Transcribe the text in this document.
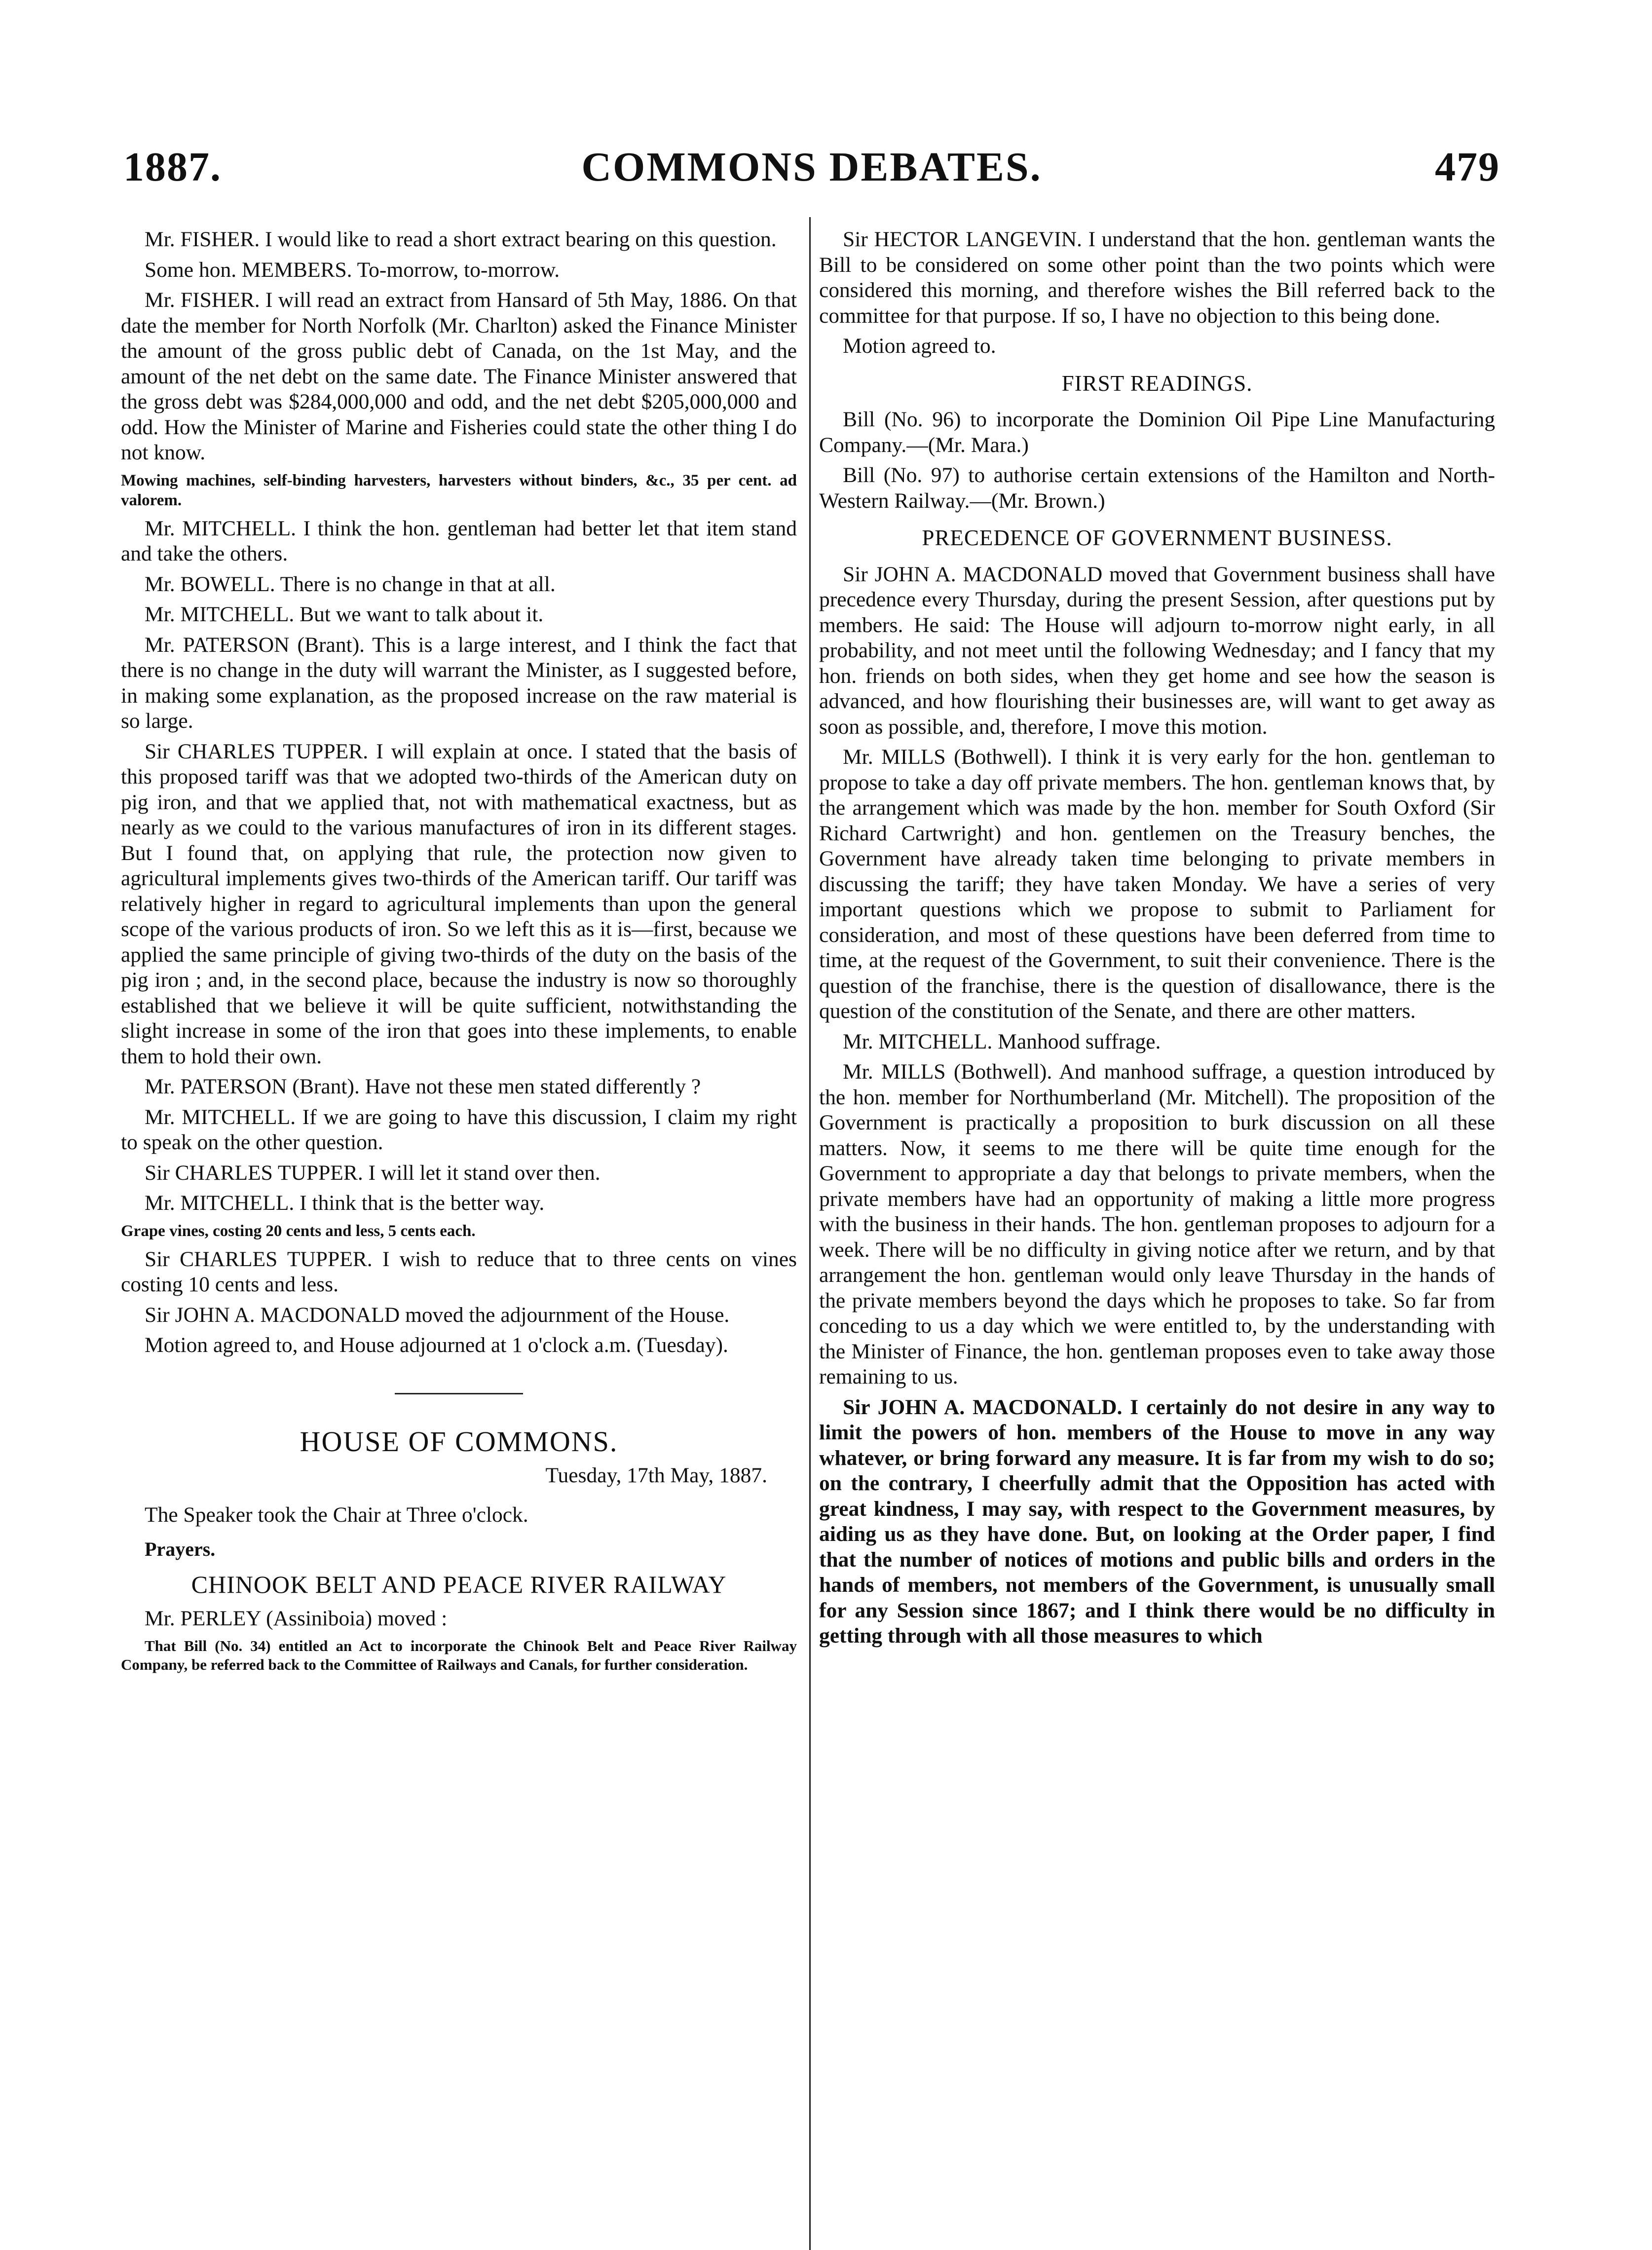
1887.	COMMONS DEBATES.	479

Mr. FISHER. I would like to read a short extract bearing on this question.

Some hon. MEMBERS. To-morrow, to-morrow.

Mr. FISHER. I will read an extract from Hansard of 5th May, 1886. On that date the member for North Norfolk (Mr. Charlton) asked the Finance Minister the amount of the gross public debt of Canada, on the 1st May, and the amount of the net debt on the same date. The Finance Minister answered that the gross debt was $284,000,000 and odd, and the net debt $205,000,000 and odd. How the Minister of Marine and Fisheries could state the other thing I do not know.

Mowing machines, self-binding harvesters, harvesters without binders, &c., 35 per cent. ad valorem.

Mr. MITCHELL. I think the hon. gentleman had better let that item stand and take the others.

Mr. BOWELL. There is no change in that at all.

Mr. MITCHELL. But we want to talk about it.

Mr. PATERSON (Brant). This is a large interest, and I think the fact that there is no change in the duty will warrant the Minister, as I suggested before, in making some explanation, as the proposed increase on the raw material is so large.

Sir CHARLES TUPPER. I will explain at once. I stated that the basis of this proposed tariff was that we adopted two-thirds of the American duty on pig iron, and that we applied that, not with mathematical exactness, but as nearly as we could to the various manufactures of iron in its different stages. But I found that, on applying that rule, the protection now given to agricultural implements gives two-thirds of the American tariff. Our tariff was relatively higher in regard to agricultural implements than upon the general scope of the various products of iron. So we left this as it is—first, because we applied the same principle of giving two-thirds of the duty on the basis of the pig iron ; and, in the second place, because the industry is now so thoroughly established that we believe it will be quite sufficient, notwithstanding the slight increase in some of the iron that goes into these implements, to enable them to hold their own.

Mr. PATERSON (Brant). Have not these men stated differently ?

Mr. MITCHELL. If we are going to have this discussion, I claim my right to speak on the other question.

Sir CHARLES TUPPER. I will let it stand over then.

Mr. MITCHELL. I think that is the better way.

Grape vines, costing 20 cents and less, 5 cents each.

Sir CHARLES TUPPER. I wish to reduce that to three cents on vines costing 10 cents and less.

Sir JOHN A. MACDONALD moved the adjournment of the House.

Motion agreed to, and House adjourned at 1 o'clock a.m. (Tuesday).

HOUSE OF COMMONS.

Tuesday, 17th May, 1887.

The Speaker took the Chair at Three o'clock.

Prayers.

CHINOOK BELT AND PEACE RIVER RAILWAY

Mr. PERLEY (Assiniboia) moved :

That Bill (No. 34) entitled an Act to incorporate the Chinook Belt and Peace River Railway Company, be referred back to the Committee of Railways and Canals, for further consideration.

Sir HECTOR LANGEVIN. I understand that the hon. gentleman wants the Bill to be considered on some other point than the two points which were considered this morning, and therefore wishes the Bill referred back to the committee for that purpose. If so, I have no objection to this being done.

Motion agreed to.

FIRST READINGS.

Bill (No. 96) to incorporate the Dominion Oil Pipe Line Manufacturing Company.—(Mr. Mara.)

Bill (No. 97) to authorise certain extensions of the Hamilton and North-Western Railway.—(Mr. Brown.)

PRECEDENCE OF GOVERNMENT BUSINESS.

Sir JOHN A. MACDONALD moved that Government business shall have precedence every Thursday, during the present Session, after questions put by members. He said: The House will adjourn to-morrow night early, in all probability, and not meet until the following Wednesday; and I fancy that my hon. friends on both sides, when they get home and see how the season is advanced, and how flourishing their businesses are, will want to get away as soon as possible, and, therefore, I move this motion.

Mr. MILLS (Bothwell). I think it is very early for the hon. gentleman to propose to take a day off private members. The hon. gentleman knows that, by the arrangement which was made by the hon. member for South Oxford (Sir Richard Cartwright) and hon. gentlemen on the Treasury benches, the Government have already taken time belonging to private members in discussing the tariff; they have taken Monday. We have a series of very important questions which we propose to submit to Parliament for consideration, and most of these questions have been deferred from time to time, at the request of the Government, to suit their convenience. There is the question of the franchise, there is the question of disallowance, there is the question of the constitution of the Senate, and there are other matters.

Mr. MITCHELL. Manhood suffrage.

Mr. MILLS (Bothwell). And manhood suffrage, a question introduced by the hon. member for Northumberland (Mr. Mitchell). The proposition of the Government is practically a proposition to burk discussion on all these matters. Now, it seems to me there will be quite time enough for the Government to appropriate a day that belongs to private members, when the private members have had an opportunity of making a little more progress with the business in their hands. The hon. gentleman proposes to adjourn for a week. There will be no difficulty in giving notice after we return, and by that arrangement the hon. gentleman would only leave Thursday in the hands of the private members beyond the days which he proposes to take. So far from conceding to us a day which we were entitled to, by the understanding with the Minister of Finance, the hon. gentleman proposes even to take away those remaining to us.

Sir JOHN A. MACDONALD. I certainly do not desire in any way to limit the powers of hon. members of the House to move in any way whatever, or bring forward any measure. It is far from my wish to do so; on the contrary, I cheerfully admit that the Opposition has acted with great kindness, I may say, with respect to the Government measures, by aiding us as they have done. But, on looking at the Order paper, I find that the number of notices of motions and public bills and orders in the hands of members, not members of the Government, is unusually small for any Session since 1867; and I think there would be no difficulty in getting through with all those measures to which
